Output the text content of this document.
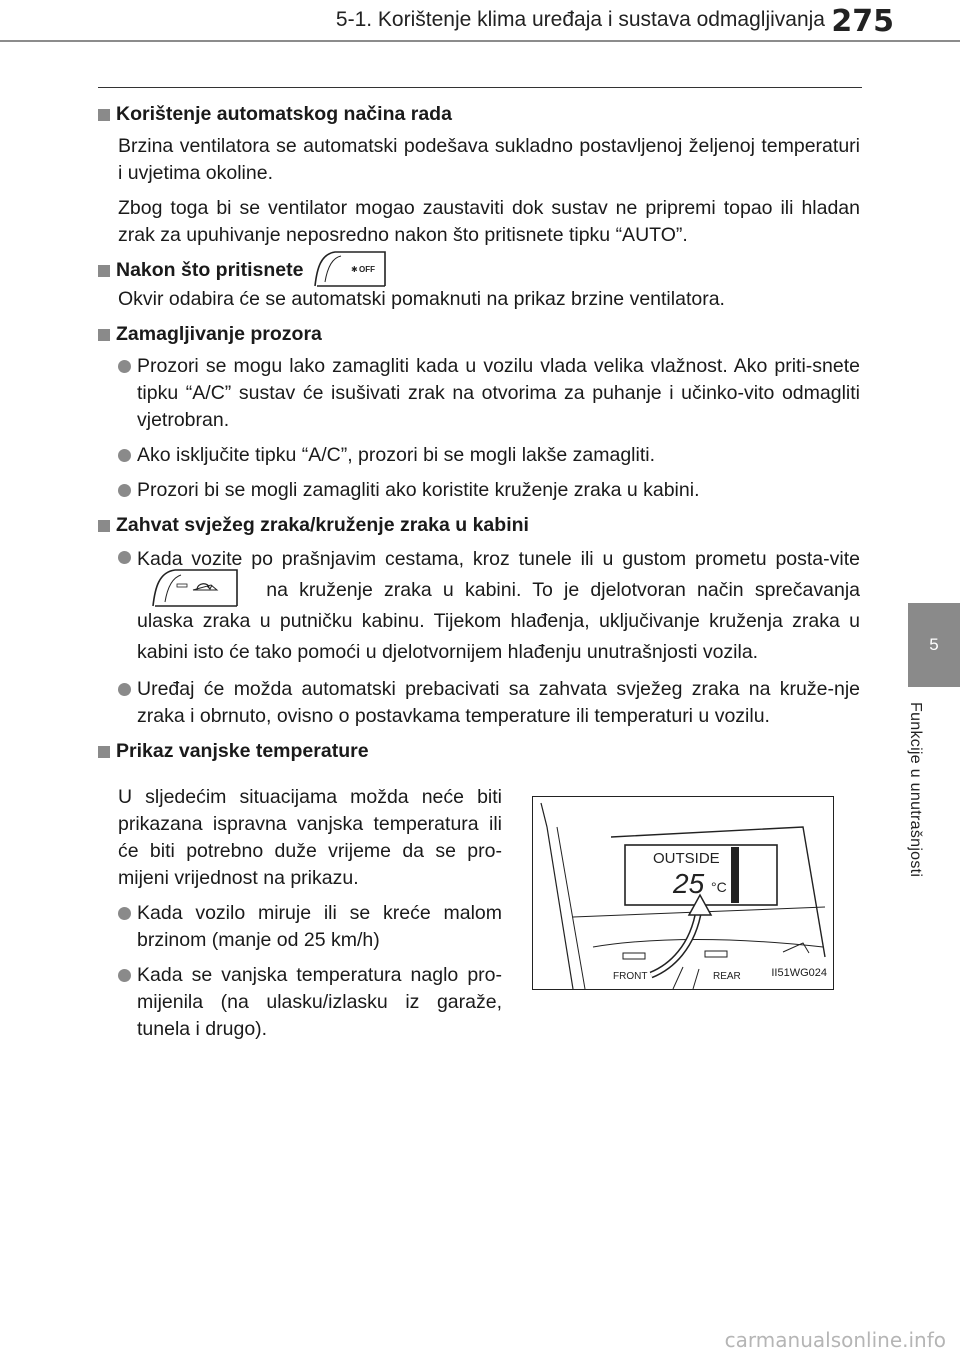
5-1. Korištenje klima uređaja i sustava odmagljivanja 275
5
Funkcije u unutrašnjosti
Korištenje automatskog načina rada
Brzina ventilatora se automatski podešava sukladno postavljenoj željenoj temperaturi i uvjetima okoline.
Zbog toga bi se ventilator mogao zaustaviti dok sustav ne pripremi topao ili hladan zrak za upuhivanje neposredno nakon što pritisnete tipku “AUTO”.
Nakon što pritisnete	✱ OFF
Okvir odabira će se automatski pomaknuti na prikaz brzine ventilatora.
Zamagljivanje prozora
Prozori se mogu lako zamagliti kada u vozilu vlada velika vlažnost. Ako priti-snete tipku “A/C” sustav će isušivati zrak na otvorima za puhanje i učinko-vito odmagliti vjetrobran.
Ako isključite tipku “A/C”, prozori bi se mogli lakše zamagliti.
Prozori bi se mogli zamagliti ako koristite kruženje zraka u kabini.
Zahvat svježeg zraka/kruženje zraka u kabini
Kada vozite po prašnjavim cestama, kroz tunele ili u gustom prometu posta-vite
na kruženje zraka u kabini. To je djelotvoran način sprečavanja ulaska zraka u putničku kabinu. Tijekom hlađenja, uključivanje kruženja zraka u kabini isto će tako pomoći u djelotvornijem hlađenju unutrašnjosti vozila.
Uređaj će možda automatski prebacivati sa zahvata svježeg zraka na kruže-nje zraka i obrnuto, ovisno o postavkama temperature ili temperaturi u vozilu.
Prikaz vanjske temperature
U sljedećim situacijama možda neće biti prikazana ispravna vanjska temperatura ili će biti potrebno duže vrijeme da se pro-mijeni vrijednost na prikazu.
Kada vozilo miruje ili se kreće malom brzinom (manje od 25 km/h)
Kada se vanjska temperatura naglo pro-mijenila (na ulasku/izlasku iz garaže, tunela i drugo).
OUTSIDE
25 °C
FRONT	REAR	II51WG024
carmanualsonline.info
